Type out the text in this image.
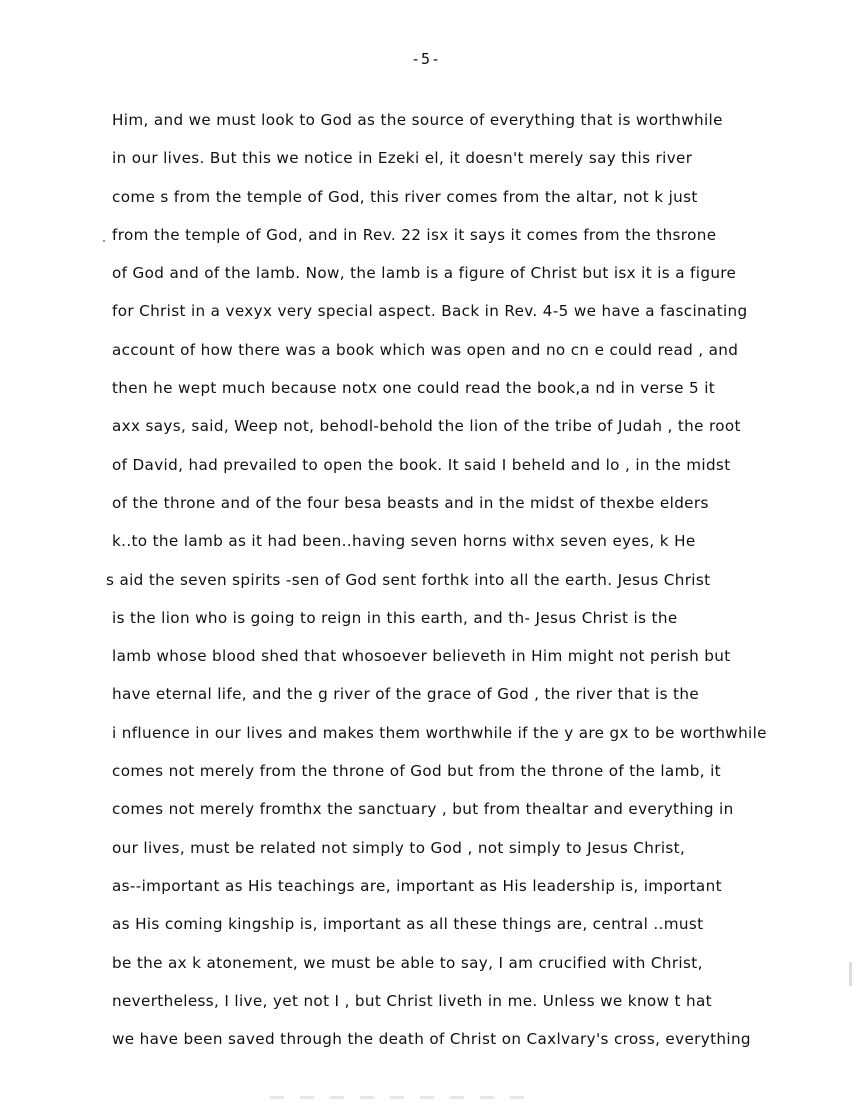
-5-
Him, and we must look to God as the source of everything that is worthwhile
in our lives. But this we notice in Ezeki el, it doesn't merely say this river
come s from the temple of God, this river comes from the altar, not k just
from the temple of God, and in Rev. 22 isx it says it comes from the thsrone
of God and of the lamb. Now, the lamb is a figure of Christ but isx it is a figure
for Christ in a vexyx very special aspect. Back in Rev. 4-5 we have a fascinating
account of how there was a book which was open and no cn e could read , and
then he wept much because notx one could read the book,a nd in verse 5 it
axx says, said, Weep not, behodl-behold the lion of the tribe of Judah , the root
of David, had prevailed to open the book. It said I beheld and lo , in the midst
of the throne and of the four besa beasts and in the midst of thexbe elders
k..to the lamb as it had been..having seven horns withx seven eyes, k He
s aid the seven spirits -sen of God sent forthk into all the earth. Jesus Christ
is the lion who is going to reign in this earth, and th- Jesus Christ is the
lamb whose blood shed that whosoever believeth in Him might not perish but
have eternal life, and the g river of the grace of God , the river that is the
i nfluence in our lives and makes them worthwhile if the y are gx to be worthwhile
comes not merely from the throne of God but from the throne of the lamb, it
comes not merely fromthx the sanctuary , but from thealtar and everything in
our lives, must be related not simply to God , not simply to Jesus Christ,
as--important as His teachings are, important as His leadership is, important
as His coming kingship is, important as all these things are, central ..must
be the ax k atonement, we must be able to say, I am crucified with Christ,
nevertheless, I live, yet not I , but Christ liveth in me. Unless we know t hat
we have been saved through the death of Christ on Caxlvary's cross, everything
